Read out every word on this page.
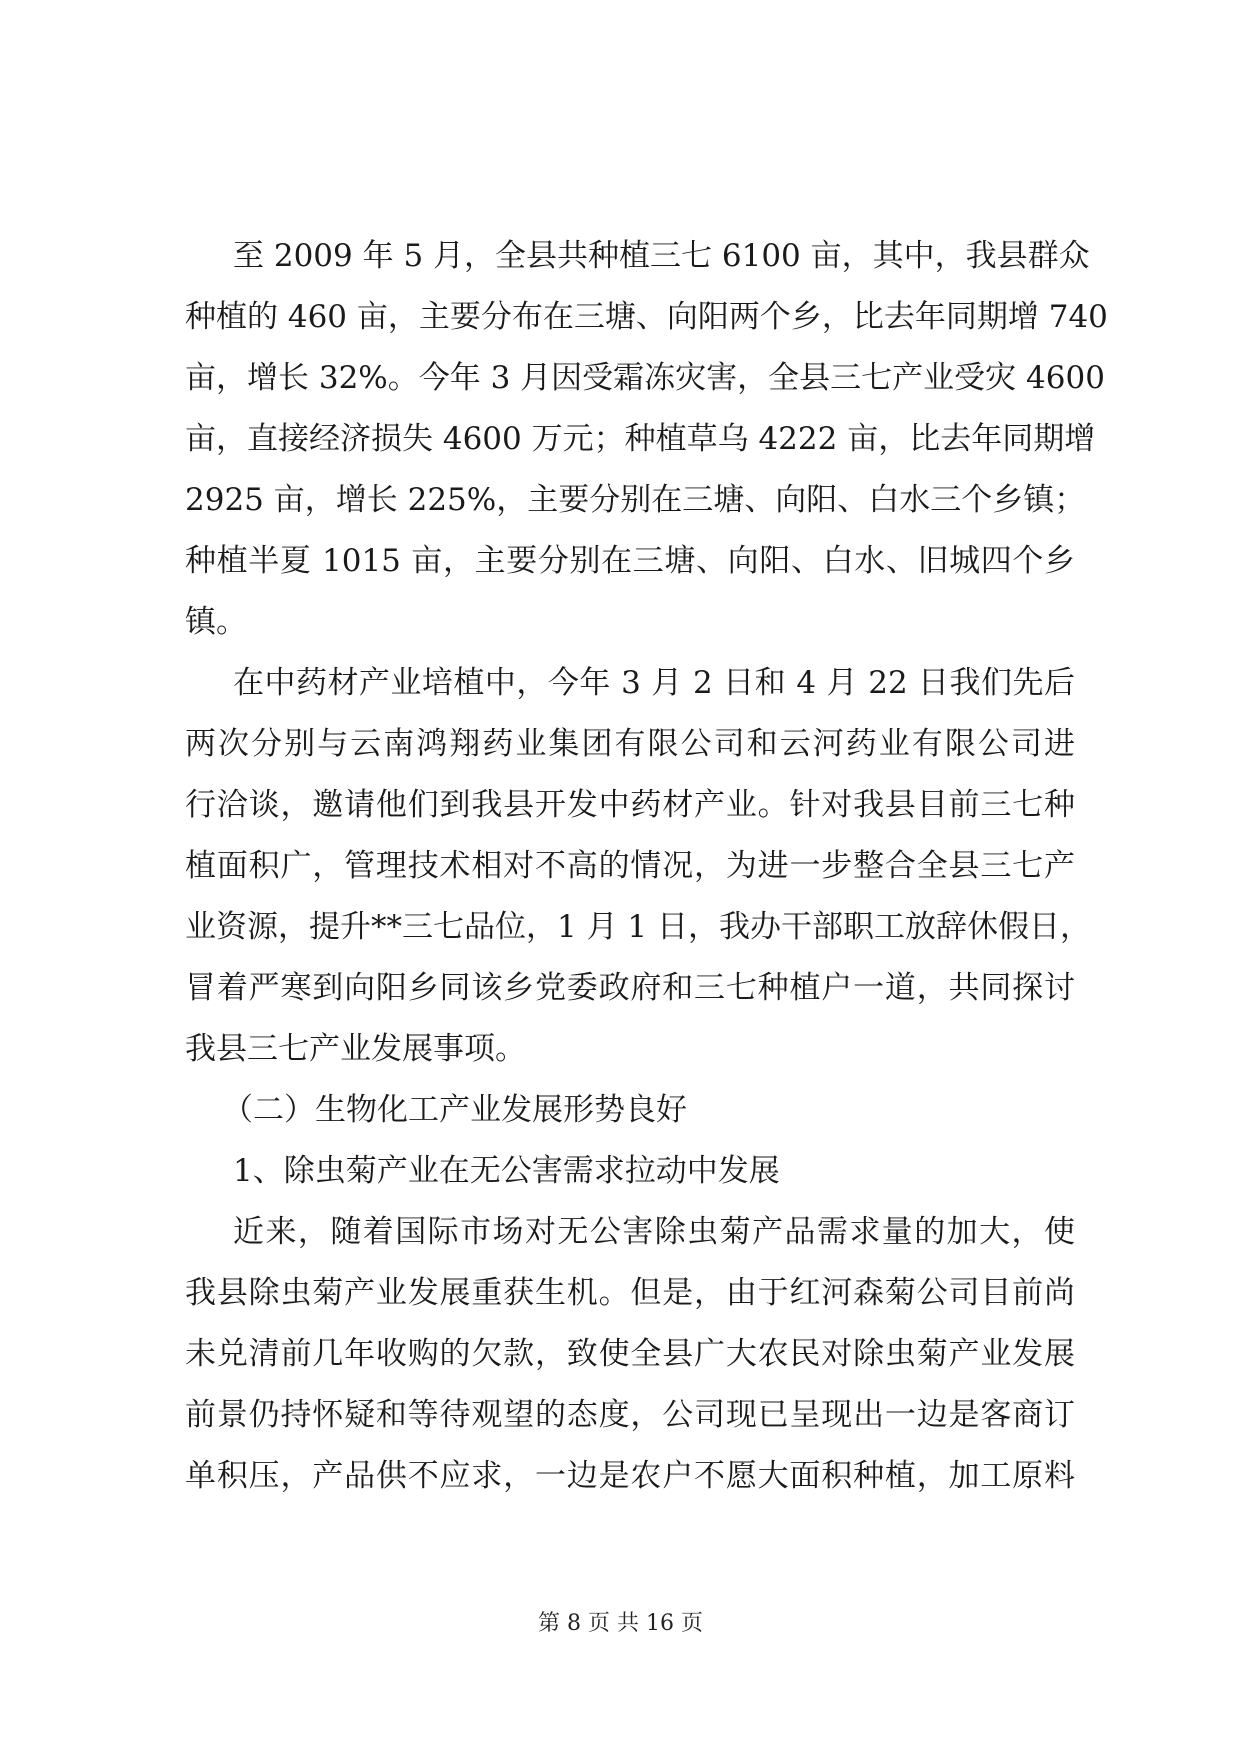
至 2009 年 5 月，全县共种植三七 6100 亩，其中，我县群众
种植的 460 亩，主要分布在三塘、向阳两个乡，比去年同期增 740
亩，增长 32%。今年 3 月因受霜冻灾害，全县三七产业受灾 4600
亩，直接经济损失 4600 万元；种植草乌 4222 亩，比去年同期增
2925 亩，增长 225%，主要分别在三塘、向阳、白水三个乡镇；
种植半夏 1015 亩，主要分别在三塘、向阳、白水、旧城四个乡
镇。
在中药材产业培植中，今年 3 月 2 日和 4 月 22 日我们先后
两次分别与云南鸿翔药业集团有限公司和云河药业有限公司进
行洽谈，邀请他们到我县开发中药材产业。针对我县目前三七种
植面积广，管理技术相对不高的情况，为进一步整合全县三七产
业资源，提升**三七品位，1 月 1 日，我办干部职工放辞休假日，
冒着严寒到向阳乡同该乡党委政府和三七种植户一道，共同探讨
我县三七产业发展事项。
（二）生物化工产业发展形势良好
1、除虫菊产业在无公害需求拉动中发展
近来，随着国际市场对无公害除虫菊产品需求量的加大，使
我县除虫菊产业发展重获生机。但是，由于红河森菊公司目前尚
未兑清前几年收购的欠款，致使全县广大农民对除虫菊产业发展
前景仍持怀疑和等待观望的态度，公司现已呈现出一边是客商订
单积压，产品供不应求，一边是农户不愿大面积种植，加工原料
第 8 页 共 16 页
